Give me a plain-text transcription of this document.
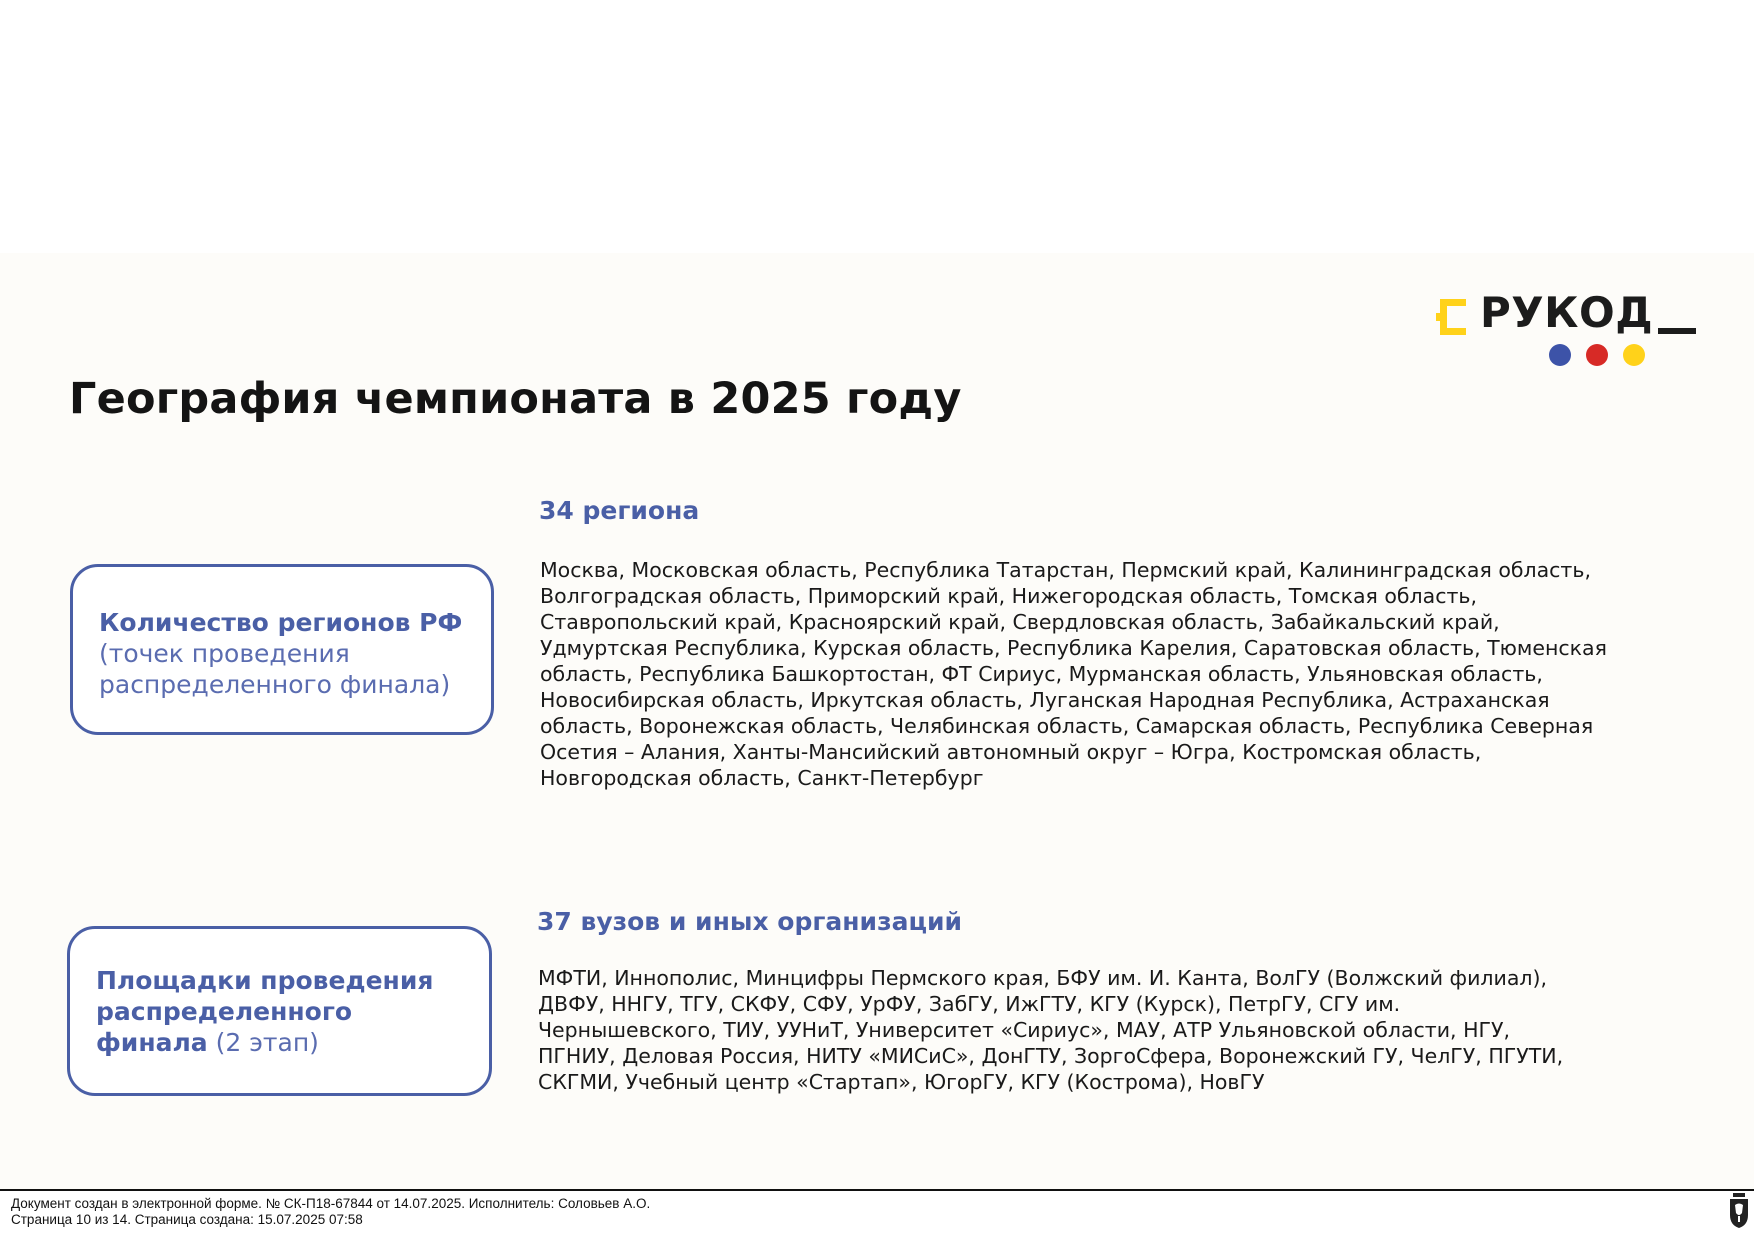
РУКОД
География чемпионата в 2025 году
Количество регионов РФ
(точек проведения распределенного финала)
Площадки проведения распределенного финала (2 этап)
34 региона

Москва, Московская область, Республика Татарстан, Пермский край, Калининградская область, Волгоградская область, Приморский край, Нижегородская область, Томская область, Ставропольский край, Красноярский край, Свердловская область, Забайкальский край, Удмуртская Республика, Курская область, Республика Карелия, Саратовская область, Тюменская область, Республика Башкортостан, ФТ Сириус, Мурманская область, Ульяновская область, Новосибирская область, Иркутская область, Луганская Народная Республика, Астраханская область, Воронежская область, Челябинская область, Самарская область, Республика Северная Осетия – Алания, Ханты-Мансийский автономный округ – Югра, Костромская область, Новгородская область, Санкт-Петербург

37 вузов и иных организаций

МФТИ, Иннополис, Минцифры Пермского края, БФУ им. И. Канта, ВолГУ (Волжский филиал), ДВФУ, ННГУ, ТГУ, СКФУ, СФУ, УрФУ, ЗабГУ, ИжГТУ, КГУ (Курск), ПетрГУ, СГУ им. Чернышевского, ТИУ, УУНиТ, Университет «Сириус», МАУ, АТР Ульяновской области, НГУ, ПГНИУ, Деловая Россия, НИТУ «МИСиС», ДонГТУ, ЗоргоСфера, Воронежский ГУ, ЧелГУ, ПГУТИ, СКГМИ, Учебный центр «Стартап», ЮгорГУ, КГУ (Кострома), НовГУ

Документ создан в электронной форме. № СК-П18-67844 от 14.07.2025. Исполнитель: Соловьев А.О.
Страница 10 из 14. Страница создана: 15.07.2025 07:58
